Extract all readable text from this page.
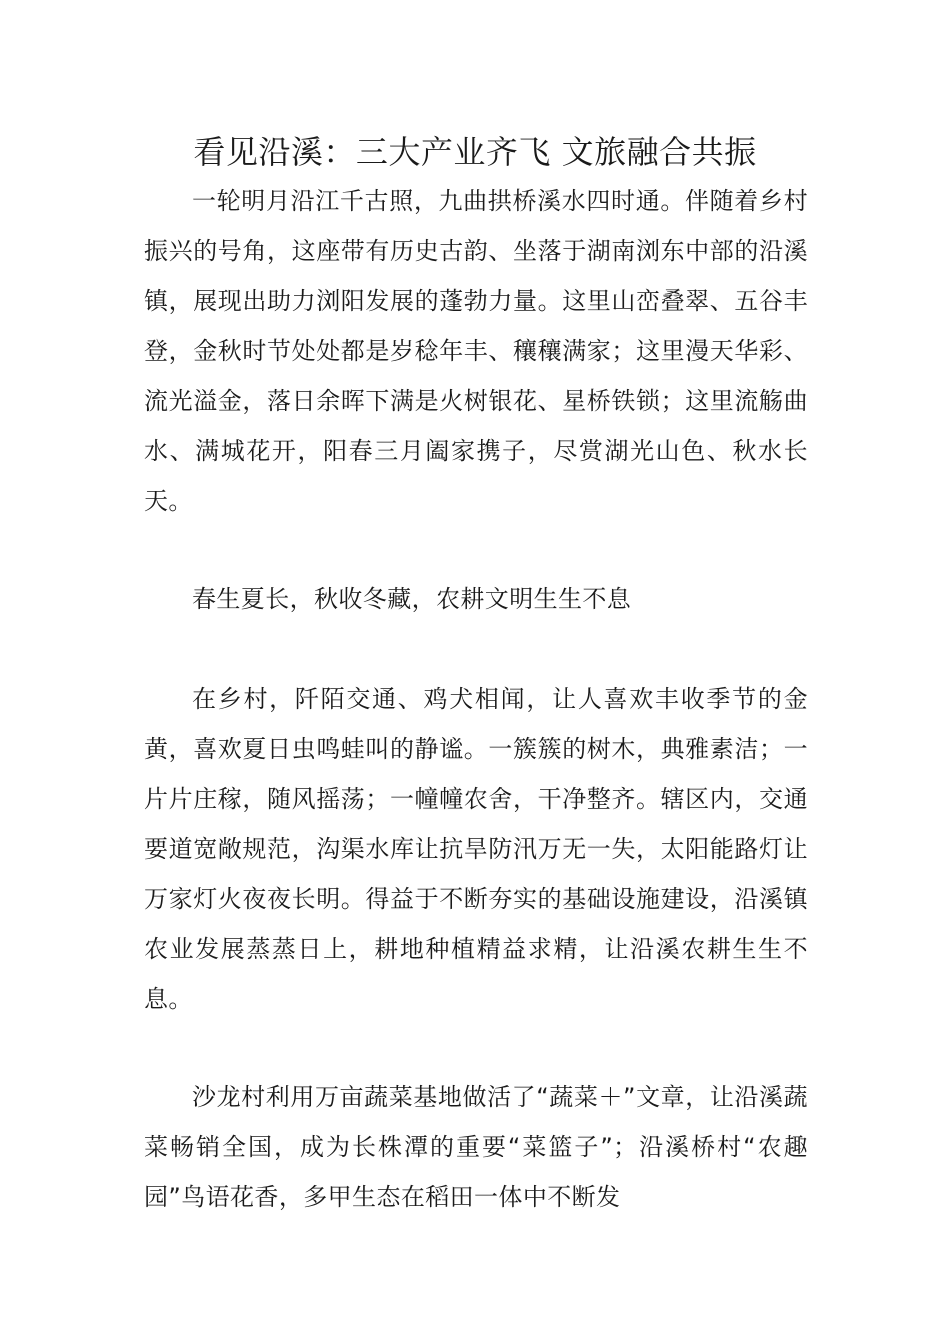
看见沿溪：三大产业齐飞 文旅融合共振

一轮明月沿江千古照，九曲拱桥溪水四时通。伴随着乡村振兴的号角，这座带有历史古韵、坐落于湖南浏东中部的沿溪镇，展现出助力浏阳发展的蓬勃力量。这里山峦叠翠、五谷丰登，金秋时节处处都是岁稔年丰、穰穰满家；这里漫天华彩、流光溢金，落日余晖下满是火树银花、星桥铁锁；这里流觞曲水、满城花开，阳春三月阖家携子，尽赏湖光山色、秋水长天。

春生夏长，秋收冬藏，农耕文明生生不息

在乡村，阡陌交通、鸡犬相闻，让人喜欢丰收季节的金黄，喜欢夏日虫鸣蛙叫的静谧。一簇簇的树木，典雅素洁；一片片庄稼，随风摇荡；一幢幢农舍，干净整齐。辖区内，交通要道宽敞规范，沟渠水库让抗旱防汛万无一失，太阳能路灯让万家灯火夜夜长明。得益于不断夯实的基础设施建设，沿溪镇农业发展蒸蒸日上，耕地种植精益求精，让沿溪农耕生生不息。

沙龙村利用万亩蔬菜基地做活了“蔬菜＋”文章，让沿溪蔬菜畅销全国，成为长株潭的重要“菜篮子”；沿溪桥村“农趣园”鸟语花香，多甲生态在稻田一体中不断发
